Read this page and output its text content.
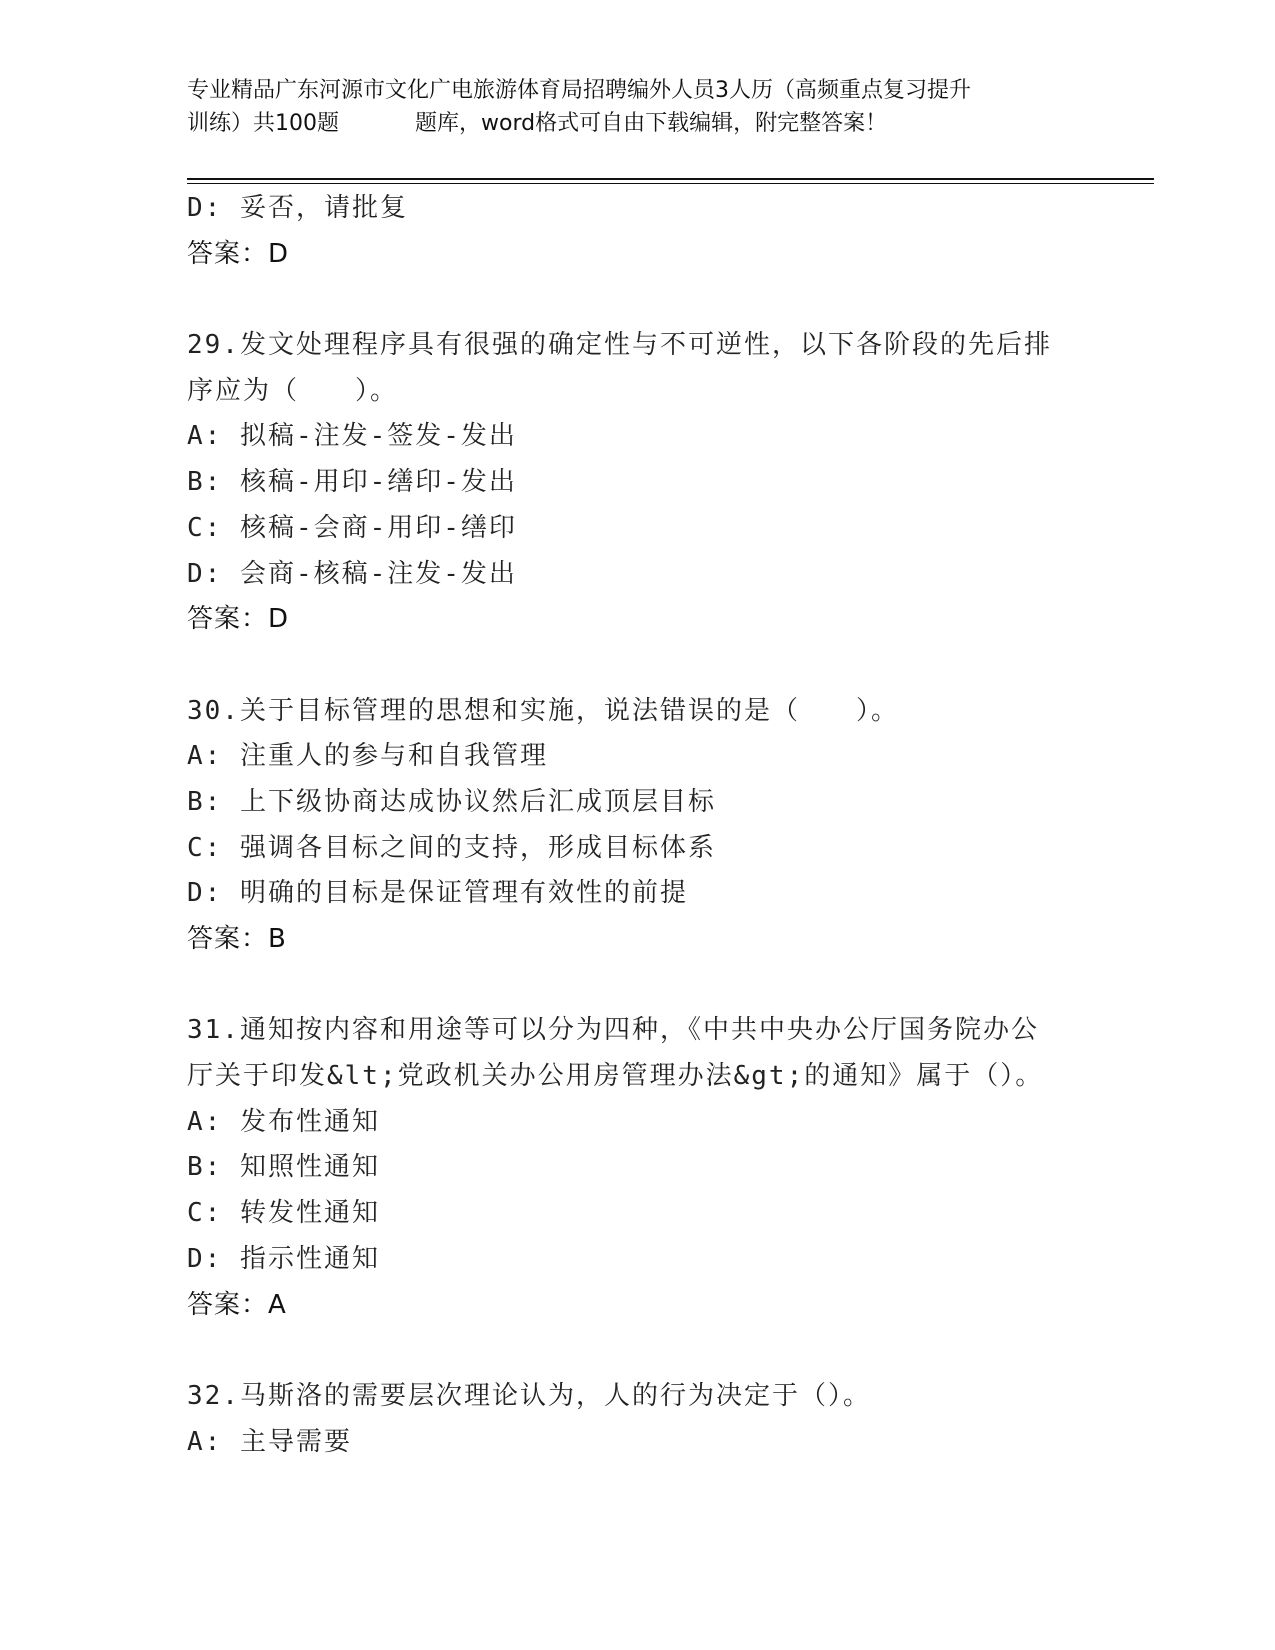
专业精品广东河源市文化广电旅游体育局招聘编外人员3人历（高频重点复习提升
训练）共100题	题库，word格式可自由下载编辑，附完整答案！
D: 妥否，请批复
答案：D
29.发文处理程序具有很强的确定性与不可逆性，以下各阶段的先后排
序应为（　　）。
A: 拟稿-注发-签发-发出
B: 核稿-用印-缮印-发出
C: 核稿-会商-用印-缮印
D: 会商-核稿-注发-发出
答案：D
30.关于目标管理的思想和实施，说法错误的是（　　）。
A: 注重人的参与和自我管理
B: 上下级协商达成协议然后汇成顶层目标
C: 强调各目标之间的支持，形成目标体系
D: 明确的目标是保证管理有效性的前提
答案：B
31.通知按内容和用途等可以分为四种，《中共中央办公厅国务院办公
厅关于印发&lt;党政机关办公用房管理办法&gt;的通知》属于（）。
A: 发布性通知
B: 知照性通知
C: 转发性通知
D: 指示性通知
答案：A
32.马斯洛的需要层次理论认为，人的行为决定于（）。
A: 主导需要
